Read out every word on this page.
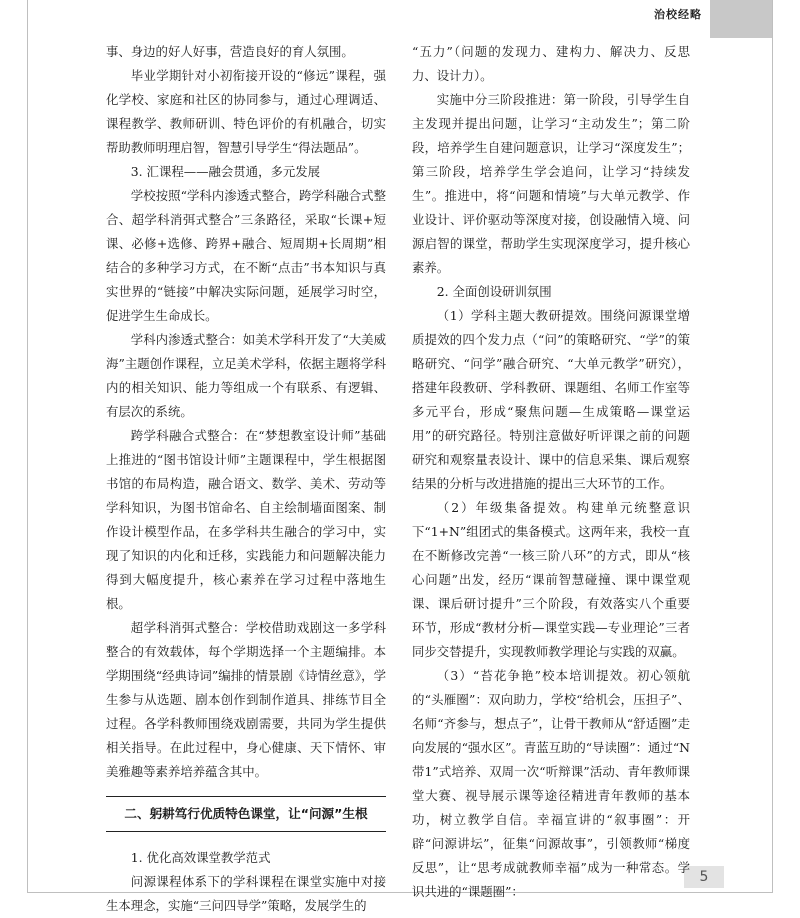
治校经略
5

事、身边的好人好事，营造良好的育人氛围。

毕业学期针对小初衔接开设的“修远”课程，强化学校、家庭和社区的协同参与，通过心理调适、课程教学、教师研训、特色评价的有机融合，切实帮助教师明理启智，智慧引导学生“得法题品”。

3. 汇课程——融会贯通，多元发展

学校按照“学科内渗透式整合，跨学科融合式整合、超学科消弭式整合”三条路径，采取“长课+短课、必修+选修、跨界+融合、短周期+长周期”相结合的多种学习方式，在不断“点击”书本知识与真实世界的“链接”中解决实际问题，延展学习时空，促进学生生命成长。

学科内渗透式整合：如美术学科开发了“大美威海”主题创作课程，立足美术学科，依据主题将学科内的相关知识、能力等组成一个有联系、有逻辑、有层次的系统。

跨学科融合式整合：在“梦想教室设计师”基础上推进的“图书馆设计师”主题课程中，学生根据图书馆的布局构造，融合语文、数学、美术、劳动等学科知识，为图书馆命名、自主绘制墙面图案、制作设计模型作品，在多学科共生融合的学习中，实现了知识的内化和迁移，实践能力和问题解决能力得到大幅度提升，核心素养在学习过程中落地生根。

超学科消弭式整合：学校借助戏剧这一多学科整合的有效载体，每个学期选择一个主题编排。本学期围绕“经典诗词”编排的情景剧《诗情丝意》，学生参与从选题、剧本创作到制作道具、排练节目全过程。各学科教师围绕戏剧需要，共同为学生提供相关指导。在此过程中，身心健康、天下情怀、审美雅趣等素养培养蕴含其中。

二、躬耕笃行优质特色课堂，让“问源”生根

1. 优化高效课堂教学范式

问源课程体系下的学科课程在课堂实施中对接生本理念，实施“三问四导学”策略，发展学生的

“五力”（问题的发现力、建构力、解决力、反思力、设计力）。

实施中分三阶段推进：第一阶段，引导学生自主发现并提出问题，让学习“主动发生”；第二阶段，培养学生自建问题意识，让学习“深度发生”；第三阶段，培养学生学会追问，让学习“持续发生”。推进中，将“问题和情境”与大单元教学、作业设计、评价驱动等深度对接，创设融情入境、问源启智的课堂，帮助学生实现深度学习，提升核心素养。

2. 全面创设研训氛围

（1）学科主题大教研提效。围绕问源课堂增质提效的四个发力点（“问”的策略研究、“学”的策略研究、“问学”融合研究、“大单元教学”研究），搭建年段教研、学科教研、课题组、名师工作室等多元平台，形成“聚焦问题—生成策略—课堂运用”的研究路径。特别注意做好听评课之前的问题研究和观察量表设计、课中的信息采集、课后观察结果的分析与改进措施的提出三大环节的工作。

（2）年级集备提效。构建单元统整意识下“1+N”组团式的集备模式。这两年来，我校一直在不断修改完善“一核三阶八环”的方式，即从“核心问题”出发，经历“课前智慧碰撞、课中课堂观课、课后研讨提升”三个阶段，有效落实八个重要环节，形成“教材分析—课堂实践—专业理论”三者同步交替提升，实现教师教学理论与实践的双赢。

（3）“苔花争艳”校本培训提效。初心领航的“头雁圈”：双向助力，学校“给机会，压担子”、名师“齐参与，想点子”，让骨干教师从“舒适圈”走向发展的“强水区”。青蓝互助的“导读圈”：通过“N带1”式培养、双周一次“听辩课”活动、青年教师课堂大赛、视导展示课等途径精进青年教师的基本功，树立教学自信。幸福宣讲的“叙事圈”：开辟“问源讲坛”，征集“问源故事”，引领教师“梯度反思”，让“思考成就教师幸福”成为一种常态。学识共进的“课题圈”：
